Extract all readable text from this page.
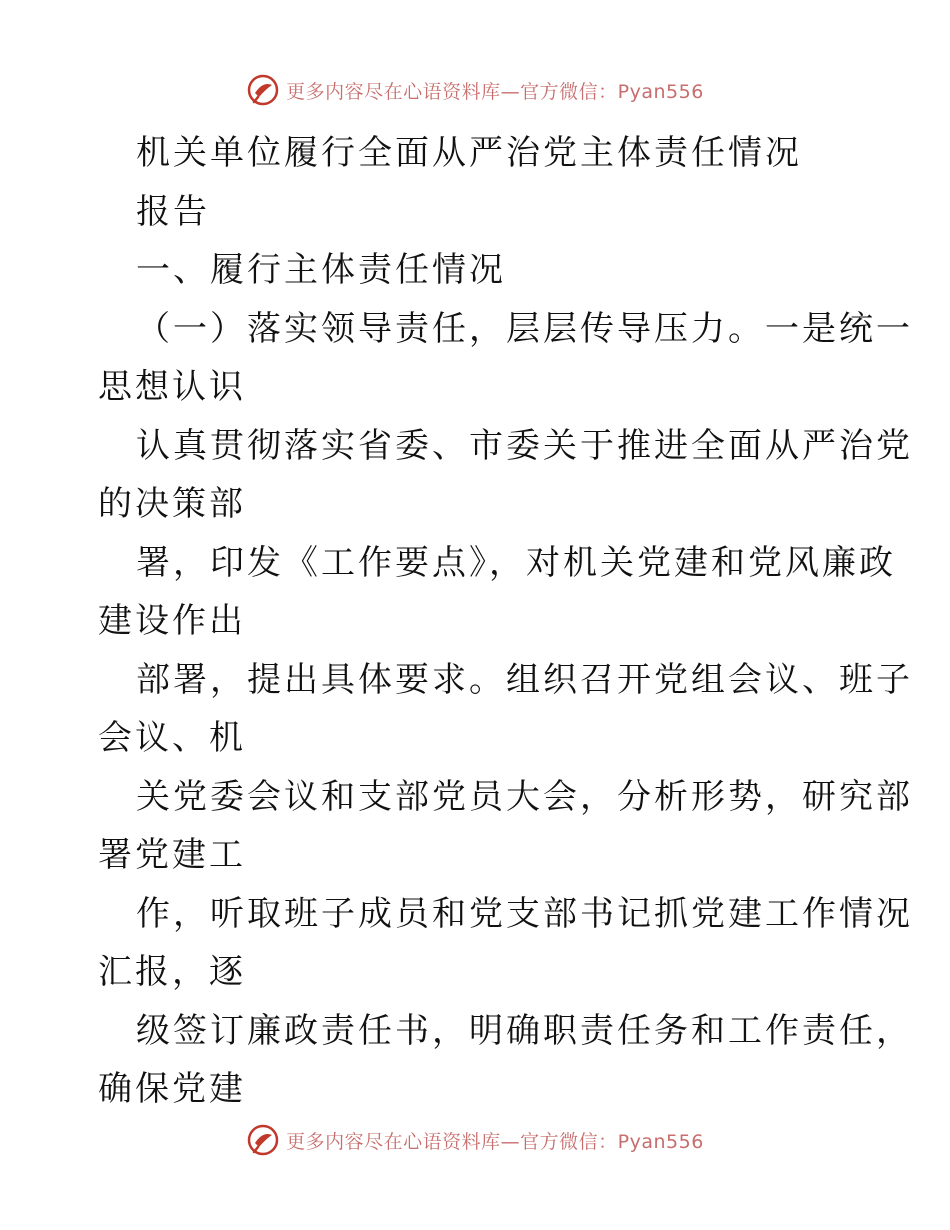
更多内容尽在心语资料库—官方微信：Pyan556

机关单位履行全面从严治党主体责任情况

报告

一、履行主体责任情况

（一）落实领导责任，层层传导压力。一是统一

思想认识

认真贯彻落实省委、市委关于推进全面从严治党

的决策部

署，印发《工作要点》，对机关党建和党风廉政

建设作出

部署，提出具体要求。组织召开党组会议、班子

会议、机

关党委会议和支部党员大会，分析形势，研究部

署党建工

作，听取班子成员和党支部书记抓党建工作情况

汇报，逐

级签订廉政责任书，明确职责任务和工作责任，

确保党建

更多内容尽在心语资料库—官方微信：Pyan556
